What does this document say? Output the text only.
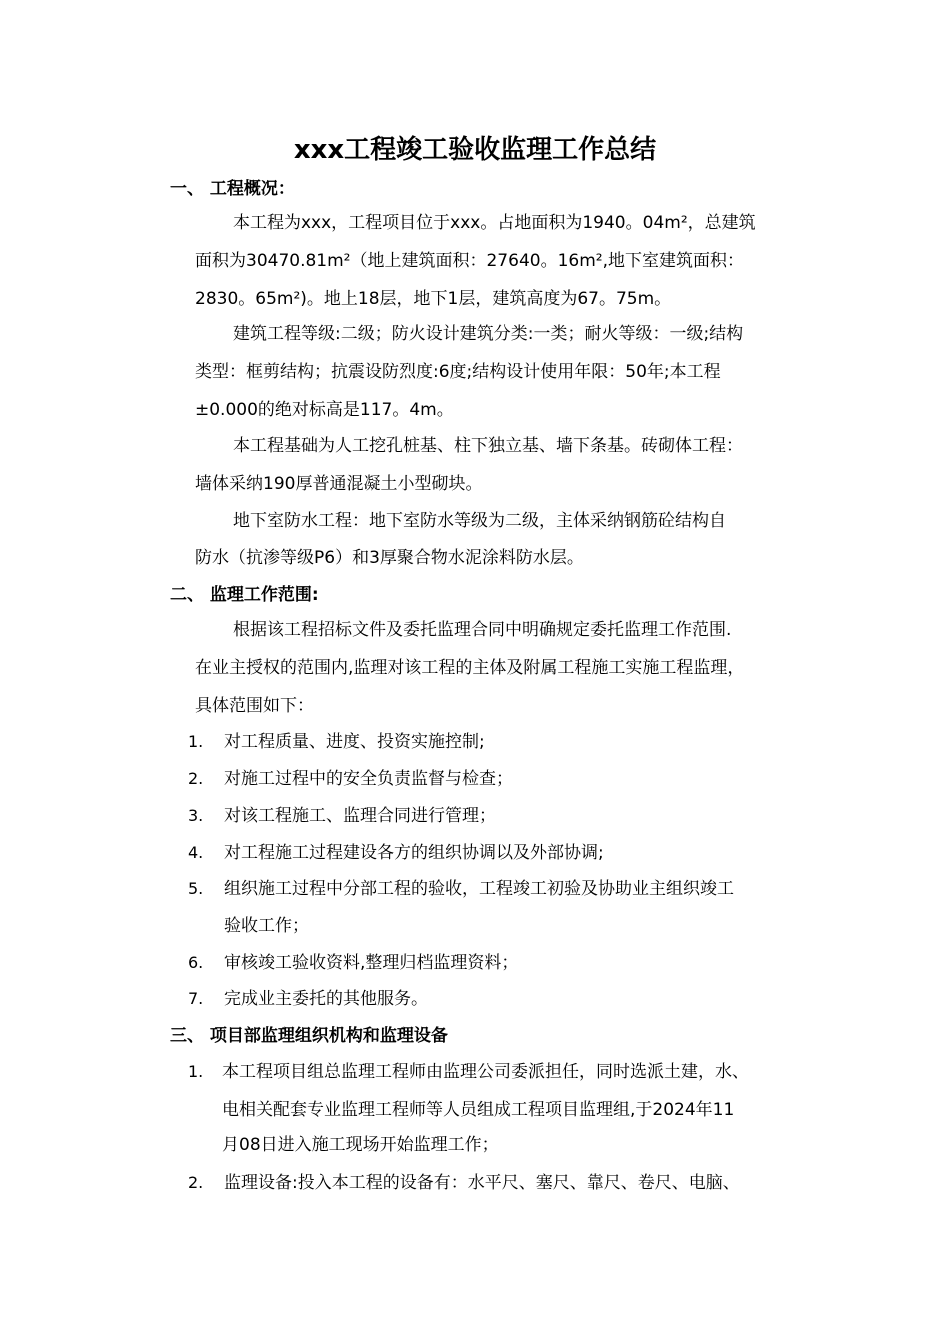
xxx工程竣工验收监理工作总结
一、 工程概况：
本工程为xxx，工程项目位于xxx。占地面积为1940。04m²，总建筑
面积为30470.81m²（地上建筑面积：27640。16m²,地下室建筑面积：
2830。65m²)。地上18层，地下1层，建筑高度为67。75m。
建筑工程等级:二级；防火设计建筑分类:一类；耐火等级：一级;结构
类型：框剪结构；抗震设防烈度:6度;结构设计使用年限：50年;本工程
±0.000的绝对标高是117。4m。
本工程基础为人工挖孔桩基、柱下独立基、墙下条基。砖砌体工程：
墙体采纳190厚普通混凝土小型砌块。
地下室防水工程：地下室防水等级为二级，主体采纳钢筋砼结构自
防水（抗渗等级P6）和3厚聚合物水泥涂料防水层。
二、 监理工作范围:
根据该工程招标文件及委托监理合同中明确规定委托监理工作范围.
在业主授权的范围内,监理对该工程的主体及附属工程施工实施工程监理，
具体范围如下：
1. 对工程质量、进度、投资实施控制;
2. 对施工过程中的安全负责监督与检查；
3. 对该工程施工、监理合同进行管理；
4. 对工程施工过程建设各方的组织协调以及外部协调;
5. 组织施工过程中分部工程的验收，工程竣工初验及协助业主组织竣工
验收工作；
6. 审核竣工验收资料,整理归档监理资料；
7. 完成业主委托的其他服务。
三、 项目部监理组织机构和监理设备
1. 本工程项目组总监理工程师由监理公司委派担任，同时选派土建，水、
电相关配套专业监理工程师等人员组成工程项目监理组,于2024年11
月08日进入施工现场开始监理工作；
2. 监理设备:投入本工程的设备有：水平尺、塞尺、靠尺、卷尺、电脑、
